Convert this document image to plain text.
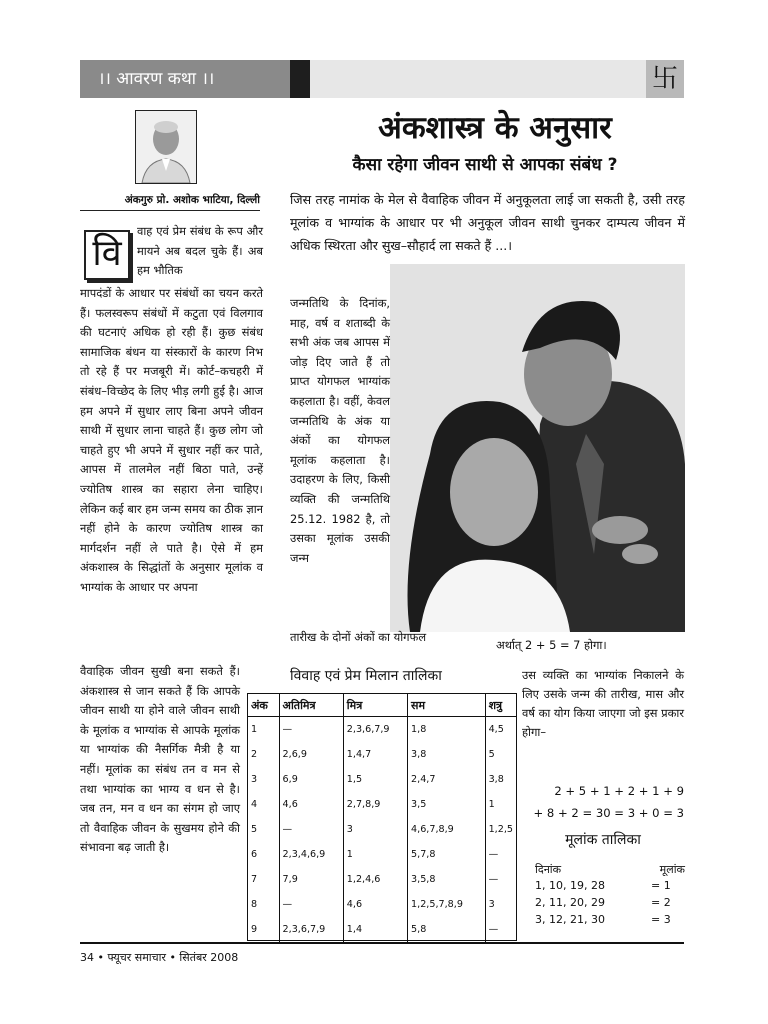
।। आवरण कथा ।।	卐
अंकगुरु प्रो. अशोक भाटिया, दिल्ली
अंकशास्त्र के अनुसार
कैसा रहेगा जीवन साथी से आपका संबंध ?
जिस तरह नामांक के मेल से वैवाहिक जीवन में अनुकूलता लाई जा सकती है, उसी तरह मूलांक व भाग्यांक के आधार पर भी अनुकूल जीवन साथी चुनकर दाम्पत्य जीवन में अधिक स्थिरता और सुख–सौहार्द ला सकते हैं ...।
वि
वाह एवं प्रेम संबंध के रूप और मायने अब बदल चुके हैं। अब हम भौतिक
मापदंडों के आधार पर संबंधों का चयन करते हैं। फलस्वरूप संबंधों में कटुता एवं विलगाव की घटनाएं अधिक हो रही हैं। कुछ संबंध सामाजिक बंधन या संस्कारों के कारण निभ तो रहे हैं पर मजबूरी में। कोर्ट–कचहरी में संबंध–विच्छेद के लिए भीड़ लगी हुई है। आज हम अपने में सुधार लाए बिना अपने जीवन साथी में सुधार लाना चाहते हैं। कुछ लोग जो चाहते हुए भी अपने में सुधार नहीं कर पाते, आपस में तालमेल नहीं बिठा पाते, उन्हें ज्योतिष शास्त्र का सहारा लेना चाहिए। लेकिन कई बार हम जन्म समय का ठीक ज्ञान नहीं होने के कारण ज्योतिष शास्त्र का मार्गदर्शन नहीं ले पाते है। ऐसे में हम अंकशास्त्र के सिद्धांतों के अनुसार मूलांक व भाग्यांक के आधार पर अपना
वैवाहिक जीवन सुखी बना सकते हैं। अंकशास्त्र से जान सकते हैं कि आपके जीवन साथी या होने वाले जीवन साथी के मूलांक व भाग्यांक से आपके मूलांक या भाग्यांक की नैसर्गिक मैत्री है या नहीं। मूलांक का संबंध तन व मन से तथा भाग्यांक का भाग्य व धन से है। जब तन, मन व धन का संगम हो जाए तो वैवाहिक जीवन के सुखमय होने की संभावना बढ़ जाती है।
जन्मतिथि के दिनांक, माह, वर्ष व शताब्दी के सभी अंक जब आपस में जोड़ दिए जाते हैं तो प्राप्त योगफल भाग्यांक कहलाता है। वहीं, केवल जन्मतिथि के अंक या अंकों का योगफल मूलांक कहलाता है। उदाहरण के लिए, किसी व्यक्ति की जन्मतिथि 25.12. 1982 है, तो उसका मूलांक उसकी जन्म
तारीख के दोनों अंकों का योगफल
अर्थात् 2 + 5 = 7 होगा।
विवाह एवं प्रेम मिलान तालिका
अंक	अतिमित्र	मित्र	सम	शत्रु
1	—	2,3,6,7,9	1,8	4,5
2	2,6,9	1,4,7	3,8	5
3	6,9	1,5	2,4,7	3,8
4	4,6	2,7,8,9	3,5	1
5	—	3	4,6,7,8,9	1,2,5
6	2,3,4,6,9	1	5,7,8	—
7	7,9	1,2,4,6	3,5,8	—
8	—	4,6	1,2,5,7,8,9	3
9	2,3,6,7,9	1,4	5,8	—
उस व्यक्ति का भाग्यांक निकालने के लिए उसके जन्म की तारीख, मास और वर्ष का योग किया जाएगा जो इस प्रकार होगा–
2 + 5 + 1 + 2 + 1 + 9
+ 8 + 2 = 30 = 3 + 0 = 3
मूलांक तालिका
दिनांक	मूलांक
1, 10, 19, 28	= 1
2, 11, 20, 29	= 2
3, 12, 21, 30	= 3
34 • फ्यूचर समाचार • सितंबर 2008
